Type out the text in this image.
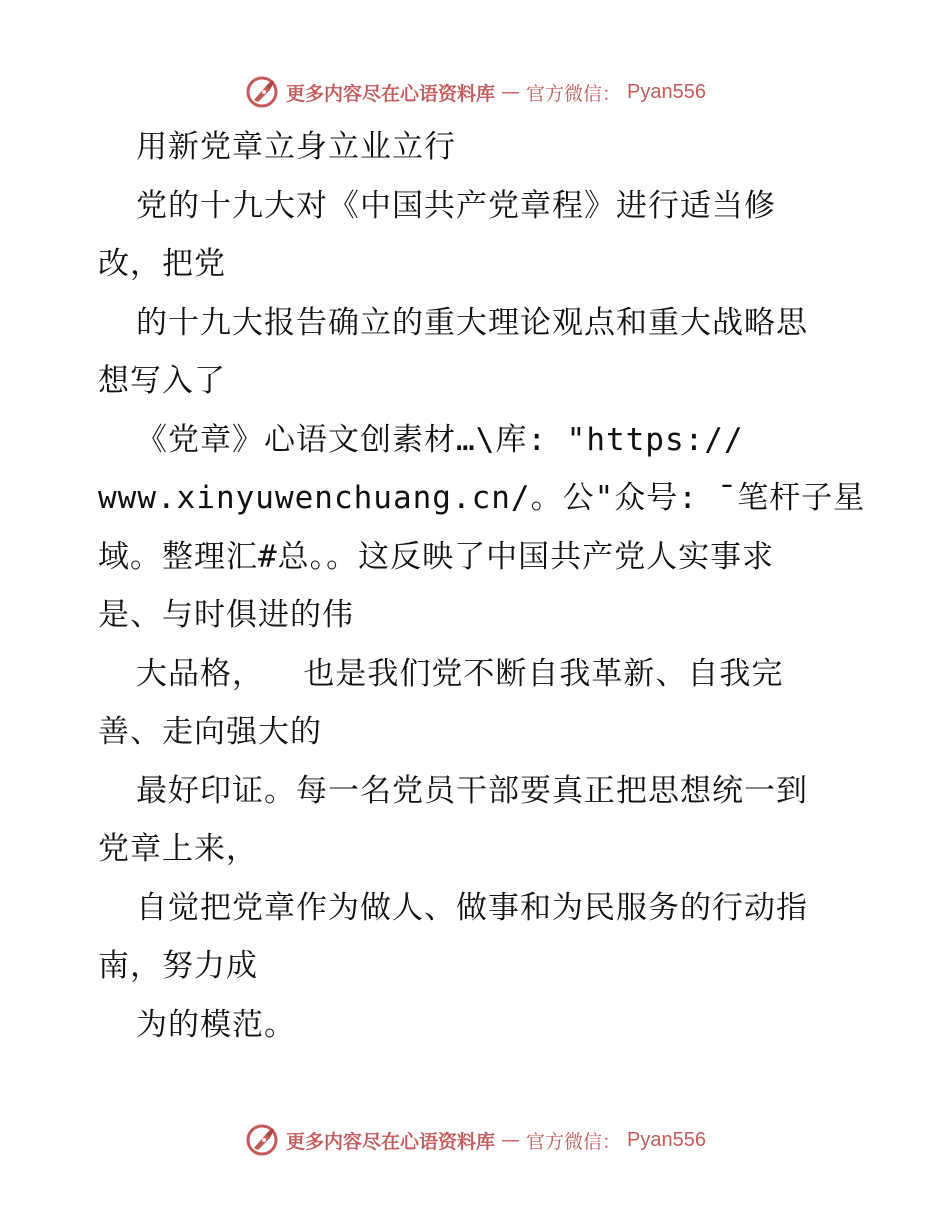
更多内容尽在心语资料库 — 官方微信： Pyan556
用新党章立身立业立行
党的十九大对《中国共产党章程》进行适当修
改，把党
的十九大报告确立的重大理论观点和重大战略思
想写入了
《党章》心语文创素材…\库: "https://
www.xinyuwenchuang.cn/。公"众号: ¯笔杆子星
域。整理汇#总。。这反映了中国共产党人实事求
是、与时俱进的伟
大品格，  也是我们党不断自我革新、自我完
善、走向强大的
最好印证。每一名党员干部要真正把思想统一到
党章上来，
自觉把党章作为做人、做事和为民服务的行动指
南，努力成
为的模范。
更多内容尽在心语资料库 — 官方微信： Pyan556
